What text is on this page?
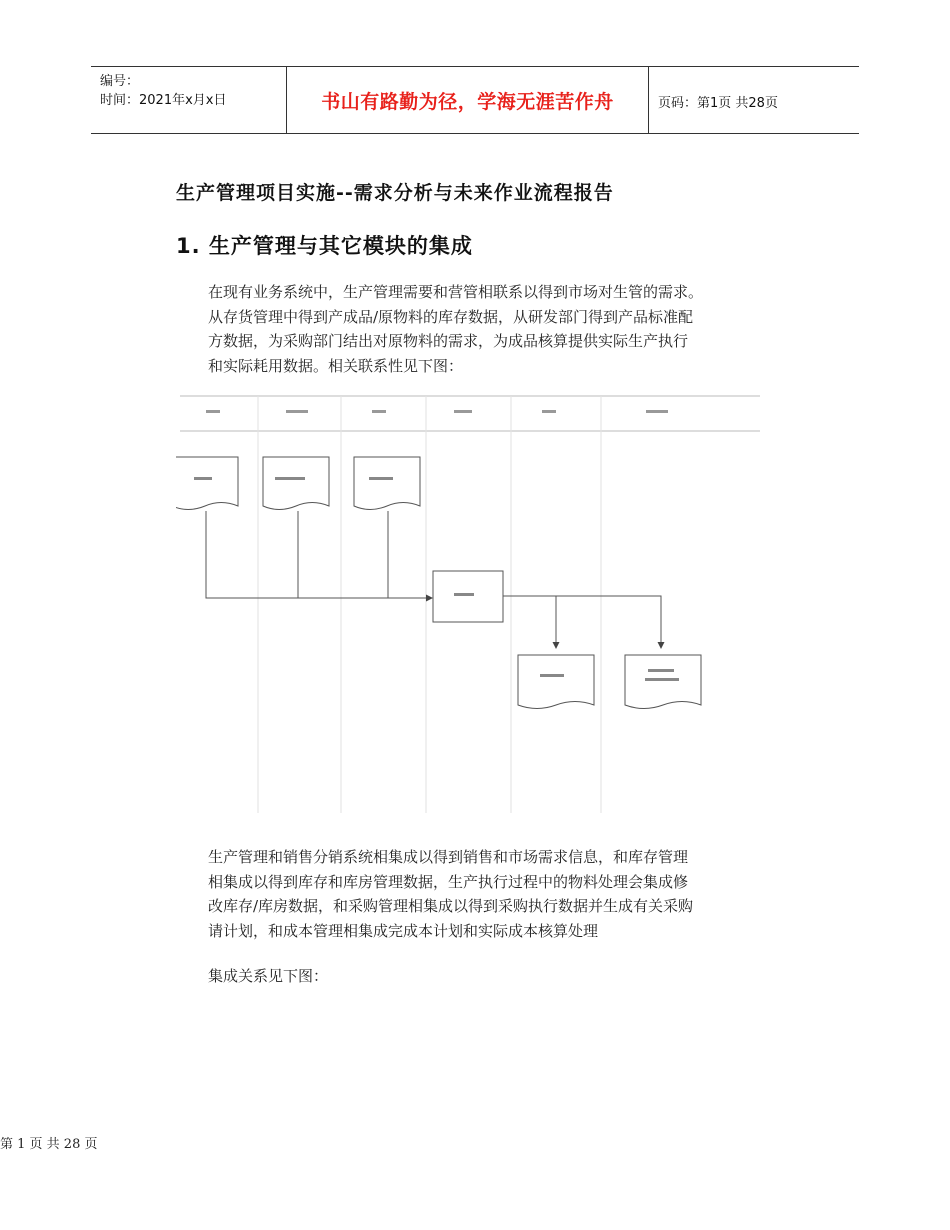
编号：
时间：2021年x月x日	书山有路勤为径，学海无涯苦作舟	页码：第1页 共28页
生产管理项目实施--需求分析与未来作业流程报告
1. 生产管理与其它模块的集成
在现有业务系统中，生产管理需要和营管相联系以得到市场对生管的需求。
从存货管理中得到产成品/原物料的库存数据，从研发部门得到产品标准配
方数据，为采购部门结出对原物料的需求，为成品核算提供实际生产执行
和实际耗用数据。相关联系性见下图：
生产管理和销售分销系统相集成以得到销售和市场需求信息，和库存管理
相集成以得到库存和库房管理数据，生产执行过程中的物料处理会集成修
改库存/库房数据，和采购管理相集成以得到采购执行数据并生成有关采购
请计划，和成本管理相集成完成本计划和实际成本核算处理
集成关系见下图：
第 1 页 共 28 页
